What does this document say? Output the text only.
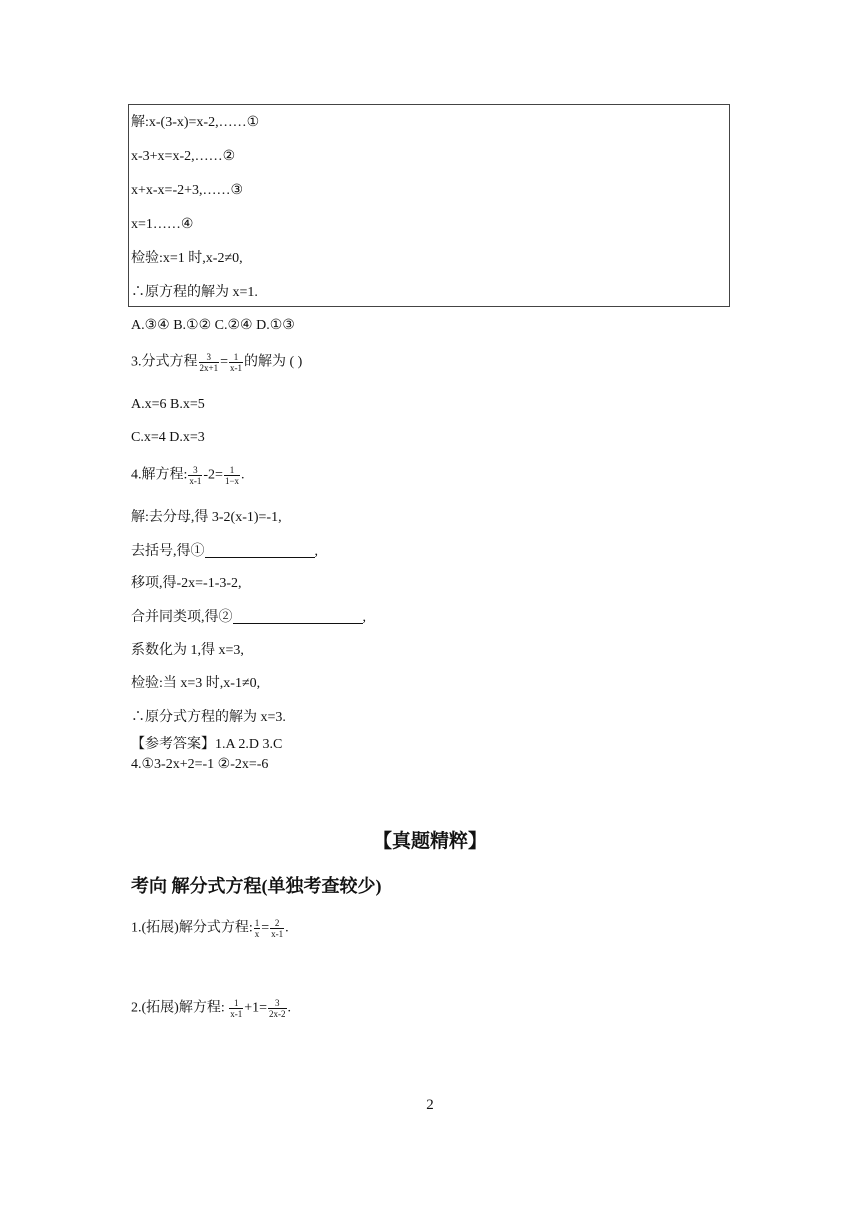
解:x-(3-x)=x-2,……①
x-3+x=x-2,……②
x+x-x=-2+3,……③
x=1……④
检验:x=1 时,x-2≠0,
∴原方程的解为 x=1.
A.③④ B.①② C.②④ D.①③
3.分式方程 $\frac{3}{2x+1} = \frac{1}{x-1}$ 的解为 ( )
A.x=6 B.x=5
C.x=4 D.x=3
4.解方程: $\frac{3}{x-1} -2= \frac{1}{1-x}$ .
解:去分母,得 3-2(x-1)=-1,
去括号,得①	,
移项,得-2x=-1-3-2,
合并同类项,得②	,
系数化为 1,得 x=3,
检验:当 x=3 时,x-1≠0,
∴原分式方程的解为 x=3.
【参考答案】1.A 2.D 3.C
4.①3-2x+2=-1 ②-2x=-6
【真题精粹】
考向 解分式方程(单独考查较少)
1.(拓展)解分式方程: $\frac{1}{x} = \frac{2}{x-1}$ .
2.(拓展)解方程: $\frac{1}{x-1} +1= \frac{3}{2x-2}$ .
2
